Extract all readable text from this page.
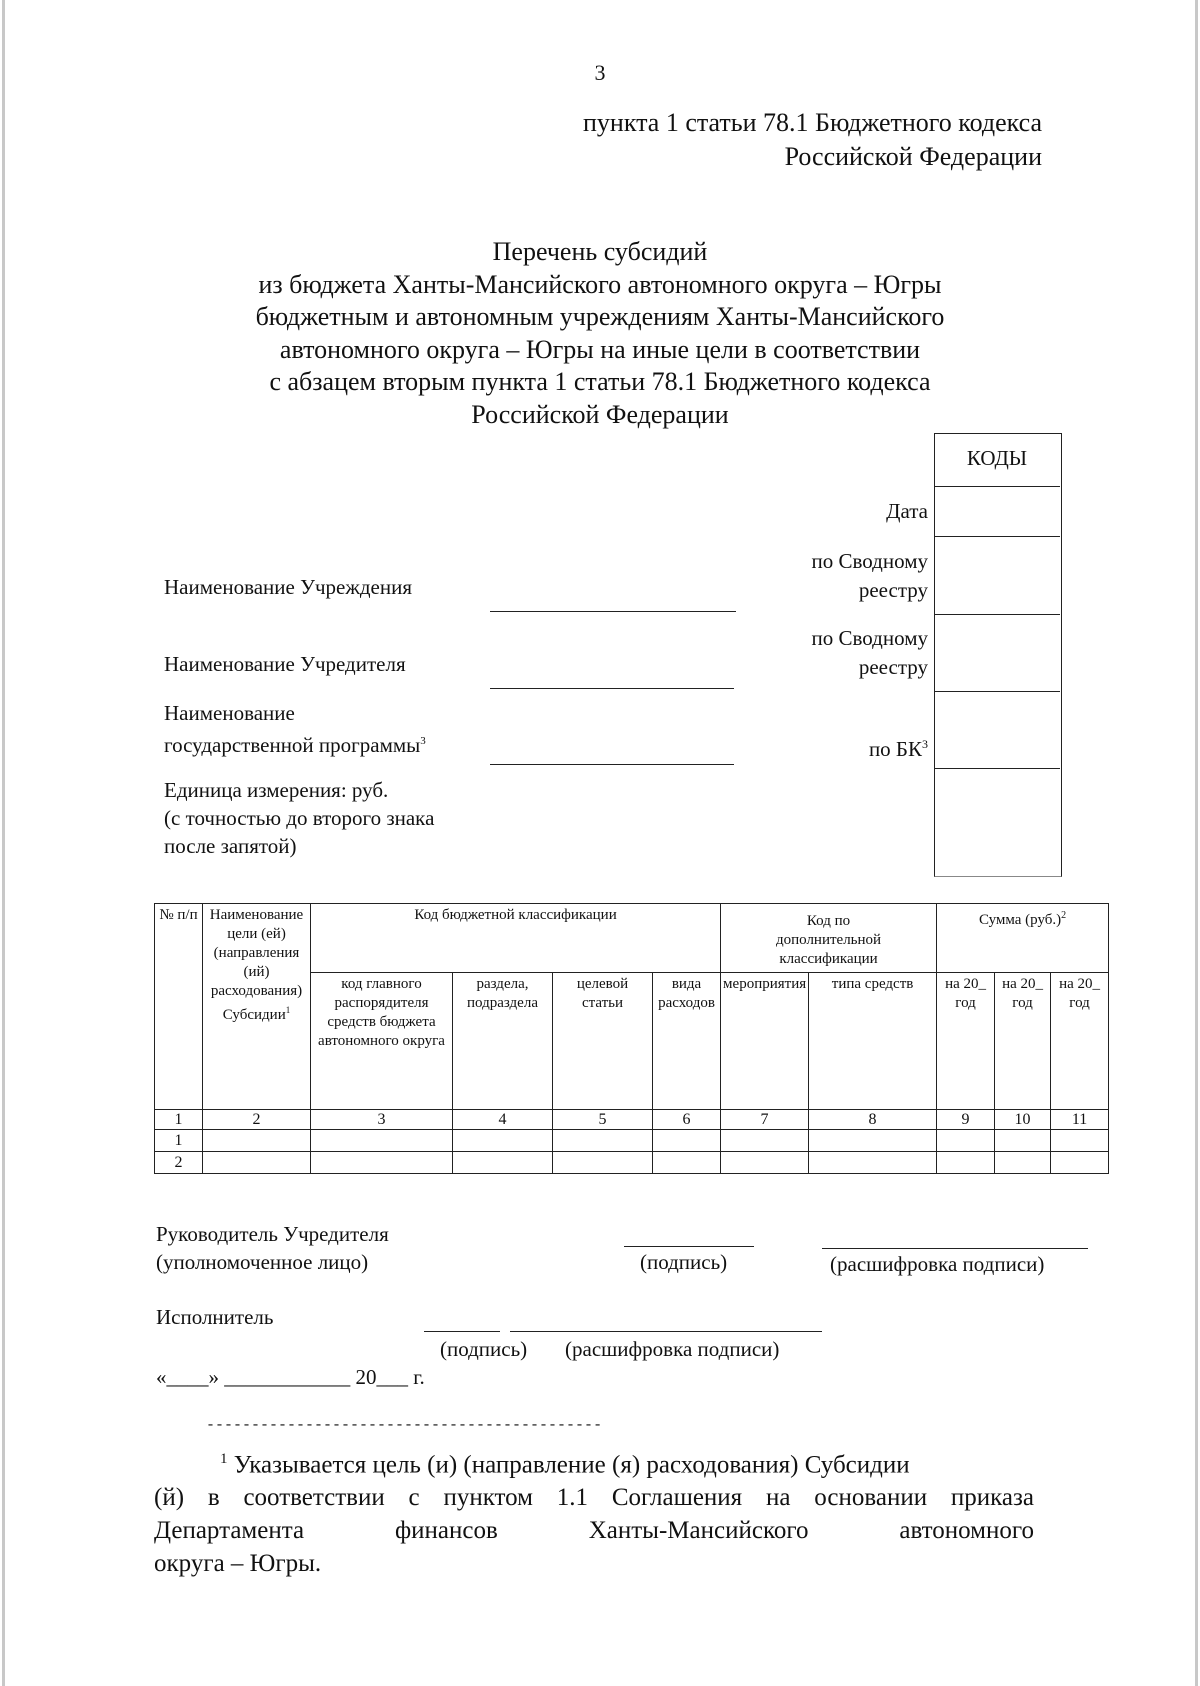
3
пункта 1 статьи 78.1 Бюджетного кодекса
Российской Федерации
Перечень субсидий
из бюджета Ханты-Мансийского автономного округа – Югры
бюджетным и автономным учреждениям Ханты-Мансийского
автономного округа – Югры на иные цели в соответствии
с абзацем вторым пункта 1 статьи 78.1 Бюджетного кодекса
Российской Федерации
КОДЫ
Дата
по Сводному
реестру
по Сводному
реестру
по $БК^3$
Наименование Учреждения
Наименование Учредителя
Наименование
государственной программы$^3$
Единица измерения: руб.
(с точностью до второго знака
после запятой)
№ п/п	Наименование цели (ей) (направления (ий) расходования) Субсидии$^1$	Код бюджетной классификации				Код по дополнительной классификации		Сумма $(руб.)^2$
		код главного распорядителя средств бюджета автономного округа	раздела, подраздела	целевой статьи	вида расходов	мероприятия	типа средств	на 20_ год	на 20_ год	на 20_ год
1	2	3	4	5	6	7	8	9	10	11
1										
2										
Руководитель Учредителя
(уполномоченное лицо)	(подпись)	(расшифровка подписи)
Исполнитель
(подпись) (расшифровка подписи)
«____» ____________ 20___ г.
--------------------------------------------
$^1$ Указывается цель (и) (направление (я) расходования) Субсидии
(й) в соответствии с пунктом 1.1 Соглашения на основании приказа
Департамента финансов Ханты-Мансийского автономного
округа – Югры.
